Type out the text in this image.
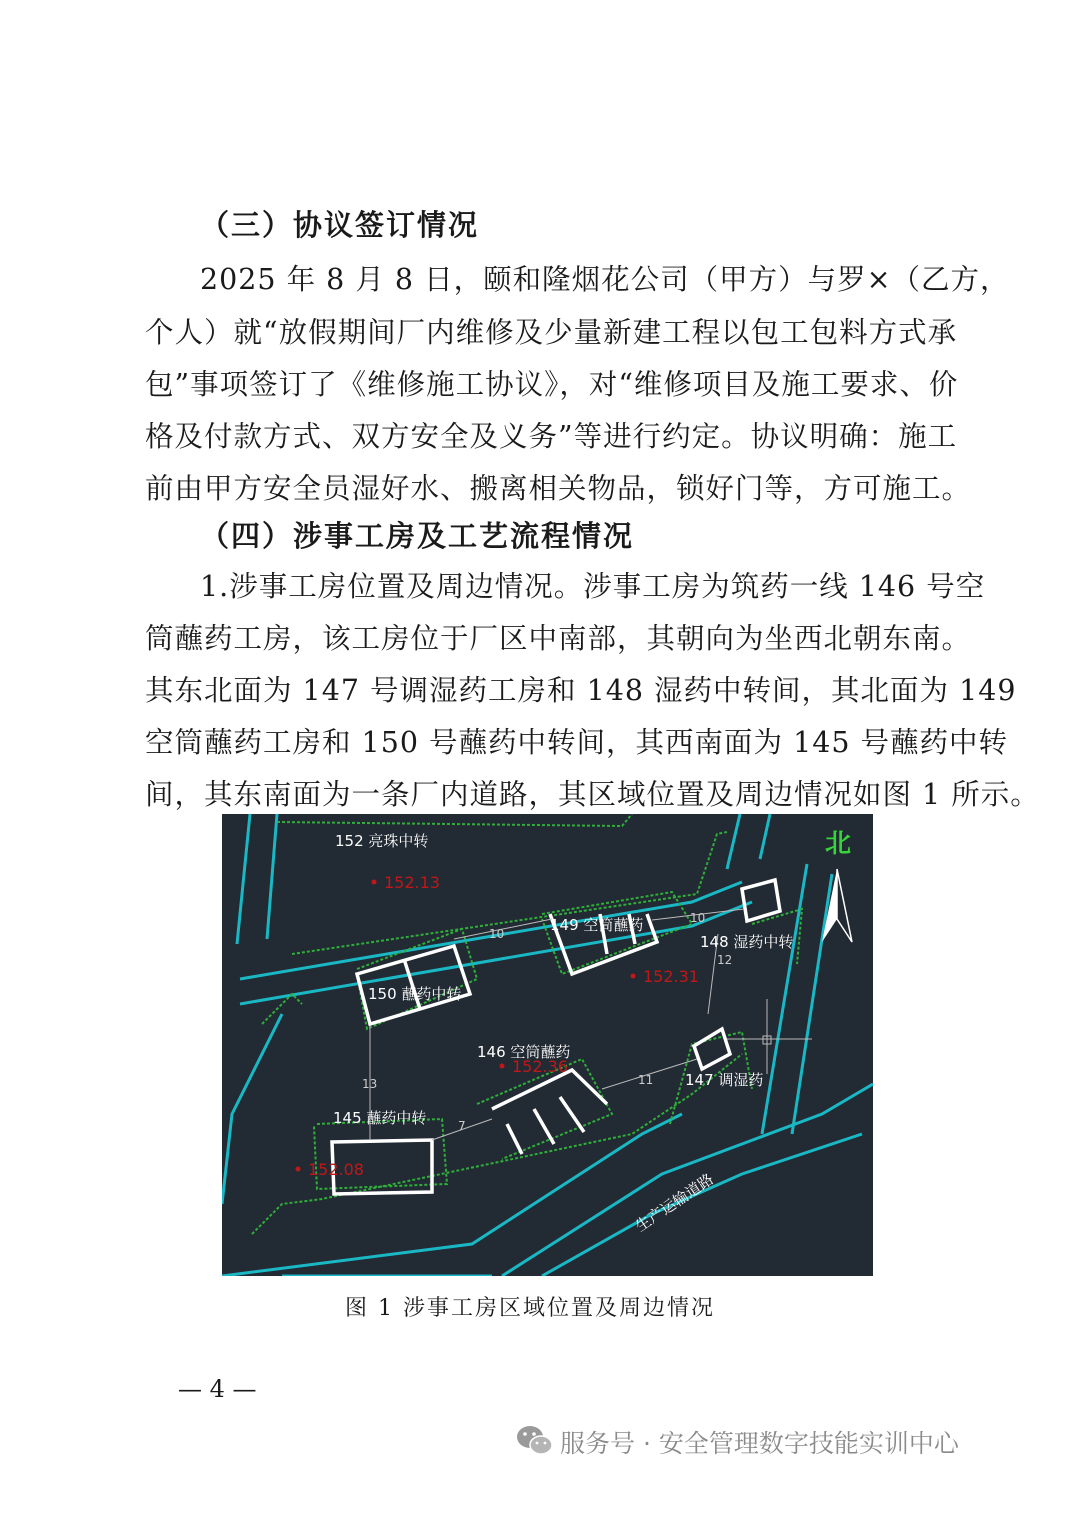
（三）协议签订情况
2025 年 8 月 8 日，颐和隆烟花公司（甲方）与罗×（乙方，
个人）就“放假期间厂内维修及少量新建工程以包工包料方式承
包”事项签订了《维修施工协议》，对“维修项目及施工要求、价
格及付款方式、双方安全及义务”等进行约定。协议明确：施工
前由甲方安全员湿好水、搬离相关物品，锁好门等，方可施工。
（四）涉事工房及工艺流程情况
1.涉事工房位置及周边情况。涉事工房为筑药一线 146 号空
筒蘸药工房，该工房位于厂区中南部，其朝向为坐西北朝东南。
其东北面为 147 号调湿药工房和 148 湿药中转间，其北面为 149
空筒蘸药工房和 150 号蘸药中转间，其西南面为 145 号蘸药中转
间，其东南面为一条厂内道路，其区域位置及周边情况如图 1 所示。
北
152 亮珠中转
149 空筒蘸药
148 湿药中转
150 蘸药中转
146 空筒蘸药
147 调湿药
145 蘸药中转
生产运输道路
152.13
152.31
152.36
152.08
10
10
12
13	11
7
图 1 涉事工房区域位置及周边情况
— 4 —
服务号 · 安全管理数字技能实训中心
